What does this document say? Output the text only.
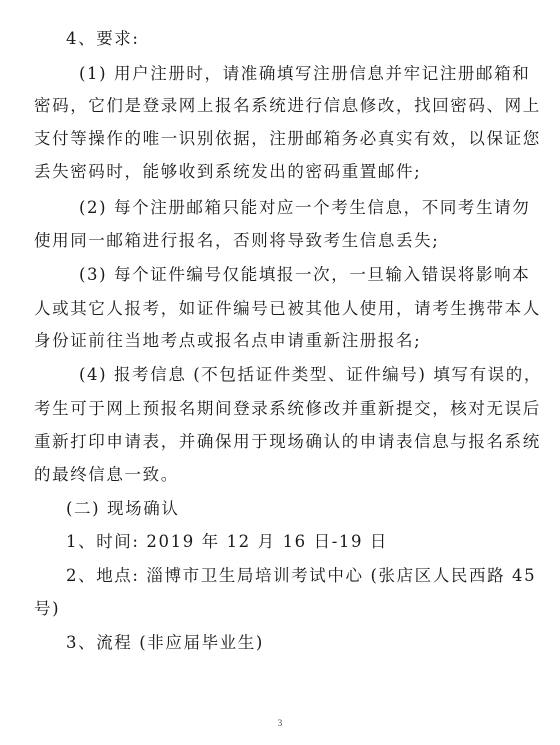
4、要求:
(1) 用户注册时，请准确填写注册信息并牢记注册邮箱和
密码，它们是登录网上报名系统进行信息修改，找回密码、网上
支付等操作的唯一识别依据，注册邮箱务必真实有效，以保证您
丢失密码时，能够收到系统发出的密码重置邮件;
(2) 每个注册邮箱只能对应一个考生信息，不同考生请勿
使用同一邮箱进行报名，否则将导致考生信息丢失;
(3) 每个证件编号仅能填报一次，一旦输入错误将影响本
人或其它人报考，如证件编号已被其他人使用，请考生携带本人
身份证前往当地考点或报名点申请重新注册报名;
(4) 报考信息 (不包括证件类型、证件编号) 填写有误的，
考生可于网上预报名期间登录系统修改并重新提交，核对无误后
重新打印申请表，并确保用于现场确认的申请表信息与报名系统
的最终信息一致。
(二) 现场确认
1、时间: 2019 年 12 月 16 日-19 日
2、地点: 淄博市卫生局培训考试中心 (张店区人民西路 45
号)
3、流程 (非应届毕业生)
3
